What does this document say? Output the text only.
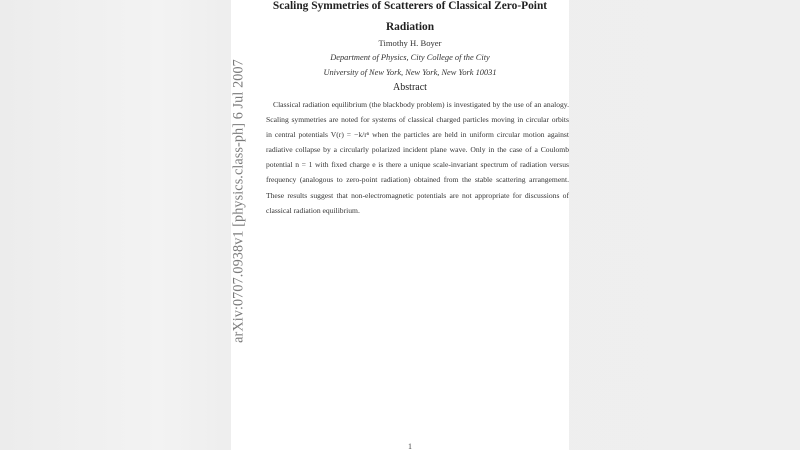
arXiv:0707.0938v1 [physics.class-ph] 6 Jul 2007
Scaling Symmetries of Scatterers of Classical Zero-Point
Radiation
Timothy H. Boyer
Department of Physics, City College of the City
University of New York, New York, New York 10031
Abstract
Classical radiation equilibrium (the blackbody problem) is investigated by the use of an analogy.
Scaling symmetries are noted for systems of classical charged particles moving in circular orbits
in central potentials V(r) = −k/rⁿ when the particles are held in uniform circular motion against
radiative collapse by a circularly polarized incident plane wave. Only in the case of a Coulomb
potential n = 1 with fixed charge e is there a unique scale-invariant spectrum of radiation versus
frequency (analogous to zero-point radiation) obtained from the stable scattering arrangement.
These results suggest that non-electromagnetic potentials are not appropriate for discussions of
classical radiation equilibrium.
1
